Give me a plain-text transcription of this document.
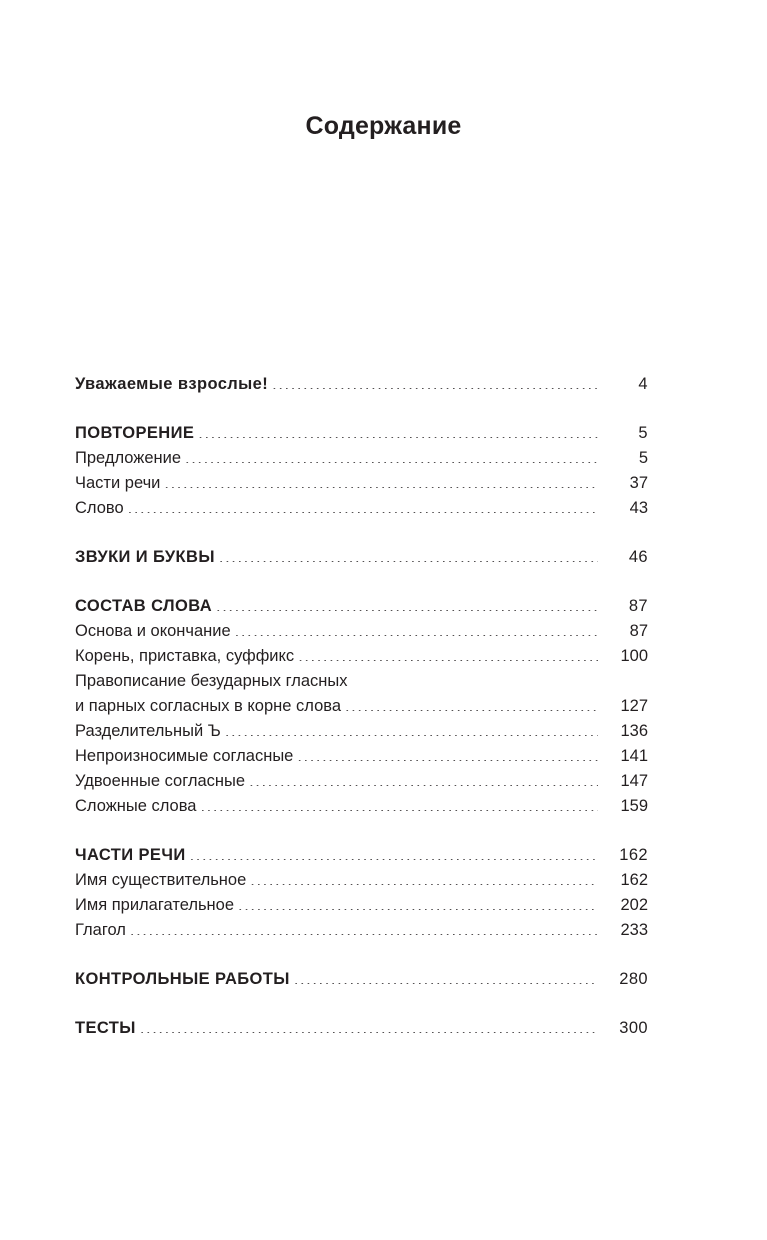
Содержание
Уважаемые взрослые! .....	4
ПОВТОРЕНИЕ .....	5
Предложение .....	5
Части речи .....	37
Слово .....	43
ЗВУКИ И БУКВЫ .....	46
СОСТАВ СЛОВА .....	87
Основа и окончание .....	87
Корень, приставка, суффикс .....	100
Правописание безударных гласных
и парных согласных в корне слова .....	127
Разделительный Ъ .....	136
Непроизносимые согласные .....	141
Удвоенные согласные .....	147
Сложные слова .....	159
ЧАСТИ РЕЧИ .....	162
Имя существительное .....	162
Имя прилагательное .....	202
Глагол .....	233
КОНТРОЛЬНЫЕ РАБОТЫ .....	280
ТЕСТЫ .....	300
